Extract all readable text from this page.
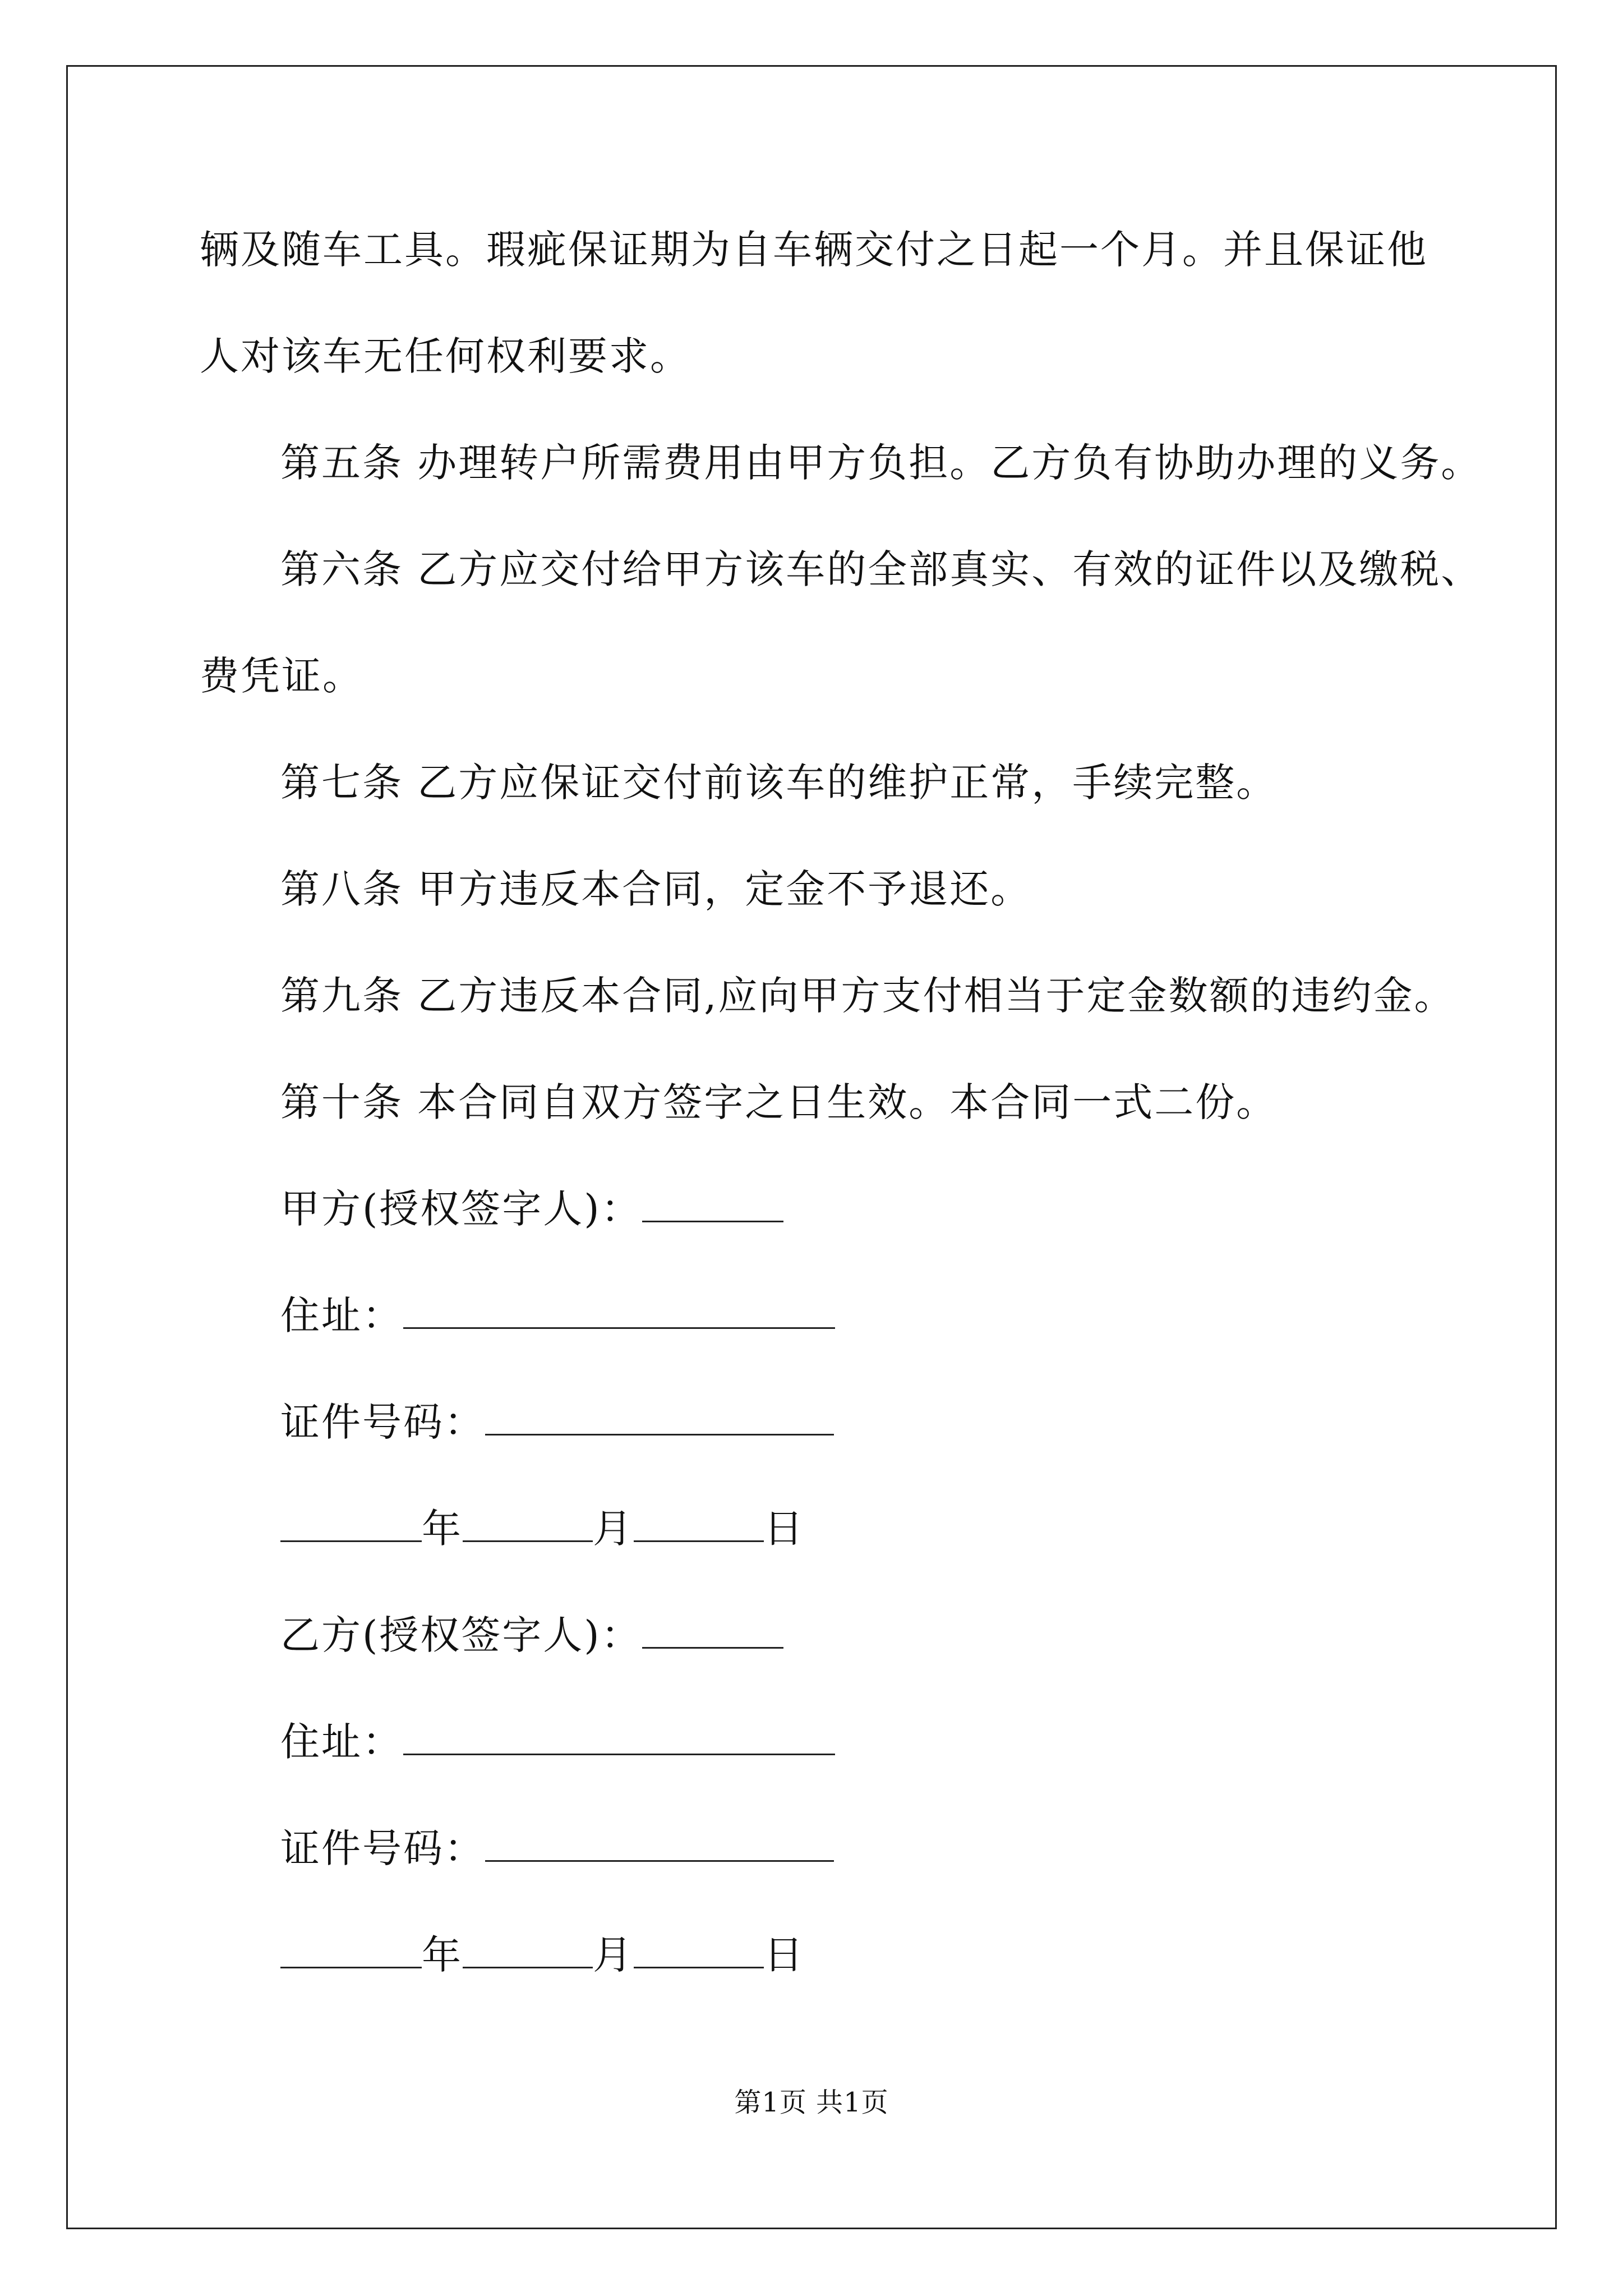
辆及随车工具。瑕疵保证期为自车辆交付之日起一个月。并且保证他
人对该车无任何权利要求。
第五条 办理转户所需费用由甲方负担。乙方负有协助办理的义务。
第六条 乙方应交付给甲方该车的全部真实、有效的证件以及缴税、
费凭证。
第七条 乙方应保证交付前该车的维护正常，手续完整。
第八条 甲方违反本合同，定金不予退还。
第九条 乙方违反本合同,应向甲方支付相当于定金数额的违约金。
第十条 本合同自双方签字之日生效。本合同一式二份。
甲方(授权签字人)：
住址：
证件号码：
年	月	日
乙方(授权签字人)：
住址：
证件号码：
年	月	日
第1页 共1页
